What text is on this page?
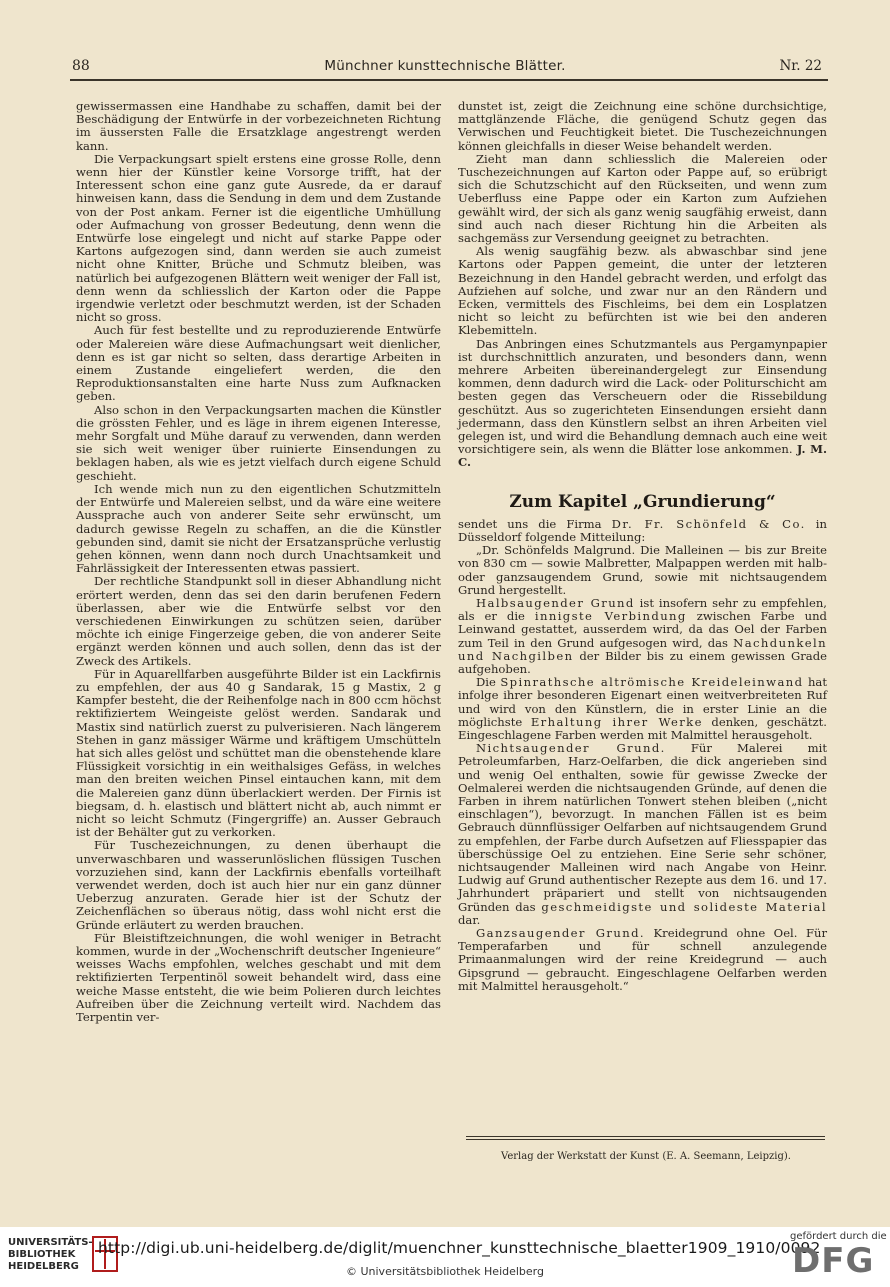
88	Münchner kunsttechnische Blätter.	Nr. 22

gewissermassen eine Handhabe zu schaffen, damit bei der Beschädigung der Entwürfe in der vorbezeichneten Richtung im äussersten Falle die Ersatzklage angestrengt werden kann.

Die Verpackungsart spielt erstens eine grosse Rolle, denn wenn hier der Künstler keine Vorsorge trifft, hat der Interessent schon eine ganz gute Ausrede, da er darauf hinweisen kann, dass die Sendung in dem und dem Zustande von der Post ankam. Ferner ist die eigentliche Umhüllung oder Aufmachung von grosser Bedeutung, denn wenn die Entwürfe lose eingelegt und nicht auf starke Pappe oder Kartons aufgezogen sind, dann werden sie auch zumeist nicht ohne Knitter, Brüche und Schmutz bleiben, was natürlich bei aufgezogenen Blättern weit weniger der Fall ist, denn wenn da schliesslich der Karton oder die Pappe irgendwie verletzt oder beschmutzt werden, ist der Schaden nicht so gross.

Auch für fest bestellte und zu reproduzierende Entwürfe oder Malereien wäre diese Aufmachungsart weit dienlicher, denn es ist gar nicht so selten, dass derartige Arbeiten in einem Zustande eingeliefert werden, die den Reproduktionsanstalten eine harte Nuss zum Aufknacken geben.

Also schon in den Verpackungsarten machen die Künstler die grössten Fehler, und es läge in ihrem eigenen Interesse, mehr Sorgfalt und Mühe darauf zu verwenden, dann werden sie sich weit weniger über ruinierte Einsendungen zu beklagen haben, als wie es jetzt vielfach durch eigene Schuld geschieht.

Ich wende mich nun zu den eigentlichen Schutzmitteln der Entwürfe und Malereien selbst, und da wäre eine weitere Aussprache auch von anderer Seite sehr erwünscht, um dadurch gewisse Regeln zu schaffen, an die die Künstler gebunden sind, damit sie nicht der Ersatzansprüche verlustig gehen können, wenn dann noch durch Unachtsamkeit und Fahrlässigkeit der Interessenten etwas passiert.

Der rechtliche Standpunkt soll in dieser Abhandlung nicht erörtert werden, denn das sei den darin berufenen Federn überlassen, aber wie die Entwürfe selbst vor den verschiedenen Einwirkungen zu schützen seien, darüber möchte ich einige Fingerzeige geben, die von anderer Seite ergänzt werden können und auch sollen, denn das ist der Zweck des Artikels.

Für in Aquarellfarben ausgeführte Bilder ist ein Lackfirnis zu empfehlen, der aus 40 g Sandarak, 15 g Mastix, 2 g Kampfer besteht, die der Reihenfolge nach in 800 ccm höchst rektifiziertem Weingeiste gelöst werden. Sandarak und Mastix sind natürlich zuerst zu pulverisieren. Nach längerem Stehen in ganz mässiger Wärme und kräftigem Umschütteln hat sich alles gelöst und schüttet man die obenstehende klare Flüssigkeit vorsichtig in ein weithalsiges Gefäss, in welches man den breiten weichen Pinsel eintauchen kann, mit dem die Malereien ganz dünn überlackiert werden. Der Firnis ist biegsam, d. h. elastisch und blättert nicht ab, auch nimmt er nicht so leicht Schmutz (Fingergriffe) an. Ausser Gebrauch ist der Behälter gut zu verkorken.

Für Tuschezeichnungen, zu denen überhaupt die unverwaschbaren und wasserunlöslichen flüssigen Tuschen vorzuziehen sind, kann der Lackfirnis ebenfalls vorteilhaft verwendet werden, doch ist auch hier nur ein ganz dünner Ueberzug anzuraten. Gerade hier ist der Schutz der Zeichenflächen so überaus nötig, dass wohl nicht erst die Gründe erläutert zu werden brauchen.

Für Bleistiftzeichnungen, die wohl weniger in Betracht kommen, wurde in der „Wochenschrift deutscher Ingenieure“ weisses Wachs empfohlen, welches geschabt und mit dem rektifizierten Terpentinöl soweit behandelt wird, dass eine weiche Masse entsteht, die wie beim Polieren durch leichtes Aufreiben über die Zeichnung verteilt wird. Nachdem das Terpentin ver-

dunstet ist, zeigt die Zeichnung eine schöne durchsichtige, mattglänzende Fläche, die genügend Schutz gegen das Verwischen und Feuchtigkeit bietet. Die Tuschezeichnungen können gleichfalls in dieser Weise behandelt werden.

Zieht man dann schliesslich die Malereien oder Tuschezeichnungen auf Karton oder Pappe auf, so erübrigt sich die Schutzschicht auf den Rückseiten, und wenn zum Ueberfluss eine Pappe oder ein Karton zum Aufziehen gewählt wird, der sich als ganz wenig saugfähig erweist, dann sind auch nach dieser Richtung hin die Arbeiten als sachgemäss zur Versendung geeignet zu betrachten.

Als wenig saugfähig bezw. als abwaschbar sind jene Kartons oder Pappen gemeint, die unter der letzteren Bezeichnung in den Handel gebracht werden, und erfolgt das Aufziehen auf solche, und zwar nur an den Rändern und Ecken, vermittels des Fischleims, bei dem ein Losplatzen nicht so leicht zu befürchten ist wie bei den anderen Klebemitteln.

Das Anbringen eines Schutzmantels aus Pergamynpapier ist durchschnittlich anzuraten, und besonders dann, wenn mehrere Arbeiten übereinandergelegt zur Einsendung kommen, denn dadurch wird die Lack- oder Politurschicht am besten gegen das Verscheuern oder die Rissebildung geschützt. Aus so zugerichteten Einsendungen ersieht dann jedermann, dass den Künstlern selbst an ihren Arbeiten viel gelegen ist, und wird die Behandlung demnach auch eine weit vorsichtigere sein, als wenn die Blätter lose ankommen. J. M. C.

Zum Kapitel „Grundierung“

sendet uns die Firma Dr. Fr. Schönfeld & Co. in Düsseldorf folgende Mitteilung:

„Dr. Schönfelds Malgrund. Die Malleinen — bis zur Breite von 830 cm — sowie Malbretter, Malpappen werden mit halb- oder ganzsaugendem Grund, sowie mit nichtsaugendem Grund hergestellt.

Halbsaugender Grund ist insofern sehr zu empfehlen, als er die innigste Verbindung zwischen Farbe und Leinwand gestattet, ausserdem wird, da das Oel der Farben zum Teil in den Grund aufgesogen wird, das Nachdunkeln und Nachgilben der Bilder bis zu einem gewissen Grade aufgehoben.

Die Spinrathsche altrömische Kreideleinwand hat infolge ihrer besonderen Eigenart einen weitverbreiteten Ruf und wird von den Künstlern, die in erster Linie an die möglichste Erhaltung ihrer Werke denken, geschätzt. Eingeschlagene Farben werden mit Malmittel herausgeholt.

Nichtsaugender Grund. Für Malerei mit Petroleumfarben, Harz-Oelfarben, die dick angerieben sind und wenig Oel enthalten, sowie für gewisse Zwecke der Oelmalerei werden die nichtsaugenden Gründe, auf denen die Farben in ihrem natürlichen Tonwert stehen bleiben („nicht einschlagen“), bevorzugt. In manchen Fällen ist es beim Gebrauch dünnflüssiger Oelfarben auf nichtsaugendem Grund zu empfehlen, der Farbe durch Aufsetzen auf Fliesspapier das überschüssige Oel zu entziehen. Eine Serie sehr schöner, nichtsaugender Malleinen wird nach Angabe von Heinr. Ludwig auf Grund authentischer Rezepte aus dem 16. und 17. Jahrhundert präpariert und stellt von nichtsaugenden Gründen das geschmeidigste und solideste Material dar.

Ganzsaugender Grund. Kreidegrund ohne Oel. Für Temperafarben und für schnell anzulegende Primaanmalungen wird der reine Kreidegrund — auch Gipsgrund — gebraucht. Eingeschlagene Oelfarben werden mit Malmittel herausgeholt.“

Verlag der Werkstatt der Kunst (E. A. Seemann, Leipzig).
UNIVERSITÄTS- BIBLIOTHEK HEIDELBERG
http://digi.ub.uni-heidelberg.de/diglit/muenchner_kunsttechnische_blaetter1909_1910/0092
© Universitätsbibliothek Heidelberg
gefördert durch die
DFG
